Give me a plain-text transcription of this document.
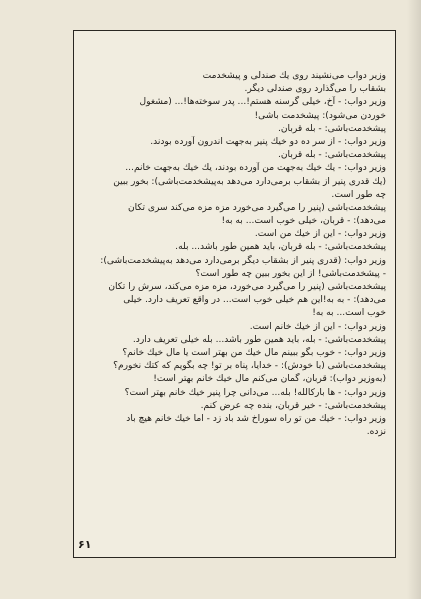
وزیر دواب می‌نشیند روی یك صندلی و پیشخدمت
بشقاب را می‌گذارد روی صندلی دیگر.
وزیر دواب: - آخ، خیلی گرسنه هستم!... پدر سوخته‌ها!... (مشغول
خوردن می‌شود): پیشخدمت باشی!
پیشخدمت‌باشی: - بله قربان.
وزیر دواب: - از سر ده دو خیك پنیر به‌جهت اندرون آورده بودند.
پیشخدمت‌باشی: - بله قربان.
وزیر دواب: - یك خیك به‌جهت من آورده بودند، یك خیك به‌جهت خانم...
(یك قدری پنیر از بشقاب برمی‌دارد می‌دهد به‌پیشخدمت‌باشی): بخور ببین
چه طور است.
پیشخدمت‌باشی (پنیر را می‌گیرد می‌خورد مزه مزه می‌کند سری تکان
می‌دهد): - قربان، خیلی خوب است... به به!
وزیر دواب: - این از خیك من است.
پیشخدمت‌باشی: - بله قربان، باید همین طور باشد... بله.
وزیر دواب: (قدری پنیر از بشقاب دیگر برمی‌دارد می‌دهد به‌پیشخدمت‌باشی):
- پیشخدمت‌باشی! از این بخور ببین چه طور است؟
پیشخدمت‌باشی (پنیر را می‌گیرد می‌خورد، مزه مزه می‌کند، سرش را تکان
می‌دهد): - به به!این هم خیلی خوب است... در واقع تعریف دارد. خیلی
خوب است... به به!
وزیر دواب: - این از خیك خانم است.
پیشخدمت‌باشی: - بله، باید همین طور باشد... بله خیلی تعریف دارد.
وزیر دواب: - خوب بگو ببینم مال خیك من بهتر است یا مال خیك خانم؟
پیشخدمت‌باشی (با خودش): - خدایا، پناه بر تو! چه بگویم که کتك نخورم؟
(به‌وزیر دواب): قربان، گمان می‌کنم مال خیك خانم بهتر است!
وزیر دواب: - ها باركالله! بله... می‌دانی چرا پنیر خیك خانم بهتر است؟
پیشخدمت‌باشی: - خیر قربان، بنده چه عرض کنم.
وزیر دواب: - خیك من تو راه سوراخ شد باد زد - اما خیك خانم هیچ باد
نزده.
۶۱
